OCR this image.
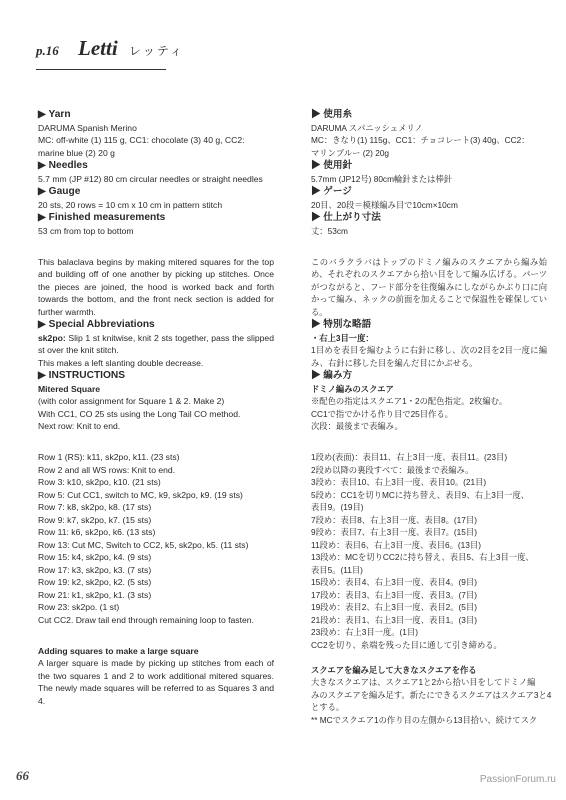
p.16 Letti レッティ

▶ Yarn

DARUMA Spanish Merino

MC: off-white (1) 115 g, CC1: chocolate (3) 40 g, CC2:

marine blue (2) 20 g

▶ Needles

5.7 mm (JP #12) 80 cm circular needles or straight needles

▶ Gauge

20 sts, 20 rows = 10 cm x 10 cm in pattern stitch

▶ Finished measurements

53 cm from top to bottom

This balaclava begins by making mitered squares for the top and building off of one another by picking up stitches. Once the pieces are joined, the hood is worked back and forth towards the bottom, and the front neck section is added for further warmth.

▶ Special Abbreviations

sk2po: Slip 1 st knitwise, knit 2 sts together, pass the slipped st over the knit stitch.

This makes a left slanting double decrease.

▶ INSTRUCTIONS

Mitered Square

(with color assignment for Square 1 & 2. Make 2)

With CC1, CO 25 sts using the Long Tail CO method.

Next row: Knit to end.

Row 1 (RS): k11, sk2po, k11. (23 sts)

Row 2 and all WS rows: Knit to end.

Row 3: k10, sk2po, k10. (21 sts)

Row 5: Cut CC1, switch to MC, k9, sk2po, k9. (19 sts)

Row 7: k8, sk2po, k8. (17 sts)

Row 9: k7, sk2po, k7. (15 sts)

Row 11: k6, sk2po, k6. (13 sts)

Row 13: Cut MC, Switch to CC2, k5, sk2po, k5. (11 sts)

Row 15: k4, sk2po, k4. (9 sts)

Row 17: k3, sk2po, k3. (7 sts)

Row 19: k2, sk2po, k2. (5 sts)

Row 21: k1, sk2po, k1. (3 sts)

Row 23: sk2po. (1 st)

Cut CC2. Draw tail end through remaining loop to fasten.

Adding squares to make a large square

A larger square is made by picking up stitches from each of the two squares 1 and 2 to work additional mitered squares. The newly made squares will be referred to as Squares 3 and 4.

▶ 使用糸

DARUMA スパニッシュメリノ

MC：きなり(1) 115g、CC1：チョコレート(3) 40g、CC2：

マリンブルー (2) 20g

▶ 使用針

5.7mm (JP12号) 80cm輪針または棒針

▶ ゲージ

20目、20段＝模様編み目で10cm×10cm

▶ 仕上がり寸法

丈：53cm

このバラクラバはトップのドミノ編みのスクエアから編み始め、それぞれのスクエアから拾い目をして編み広げる。パーツがつながると、フード部分を往復編みにしながらかぶり口に向かって編み、ネックの前面を加えることで保温性を確保している。

▶ 特別な略語

・右上3目一度：

1目めを表目を編むように右針に移し、次の2目を2目一度に編み、右針に移した目を編んだ目にかぶせる。

▶ 編み方

ドミノ編みのスクエア

※配色の指定はスクエア1・2の配色指定。2枚編む。

CC1で指でかける作り目で25目作る。

次段：最後まで表編み。

1段め(表面)：表目11、右上3目一度、表目11。(23目)

2段め以降の裏段すべて：最後まで表編み。

3段め：表目10、右上3目一度、表目10。(21目)

5段め：CC1を切りMCに持ち替え、表目9、右上3目一度、

表目9。(19目)

7段め：表目8、右上3目一度、表目8。(17目)

9段め：表目7、右上3目一度、表目7。(15目)

11段め：表目6、右上3目一度、表目6。(13目)

13段め：MCを切りCC2に持ち替え、表目5、右上3目一度、

表目5。(11目)

15段め：表目4、右上3目一度、表目4。(9目)

17段め：表目3、右上3目一度、表目3。(7目)

19段め：表目2、右上3目一度、表目2。(5目)

21段め：表目1、右上3目一度、表目1。(3目)

23段め：右上3目一度。(1目)

CC2を切り、糸端を残った目に通して引き締める。

スクエアを編み足して大きなスクエアを作る

大きなスクエアは、スクエア1と2から拾い目をしてドミノ編

みのスクエアを編み足す。新たにできるスクエアはスクエア3と4

とする。

** MCでスクエア1の作り目の左側から13目拾い、続けてスク

66	PassionForum.ru
